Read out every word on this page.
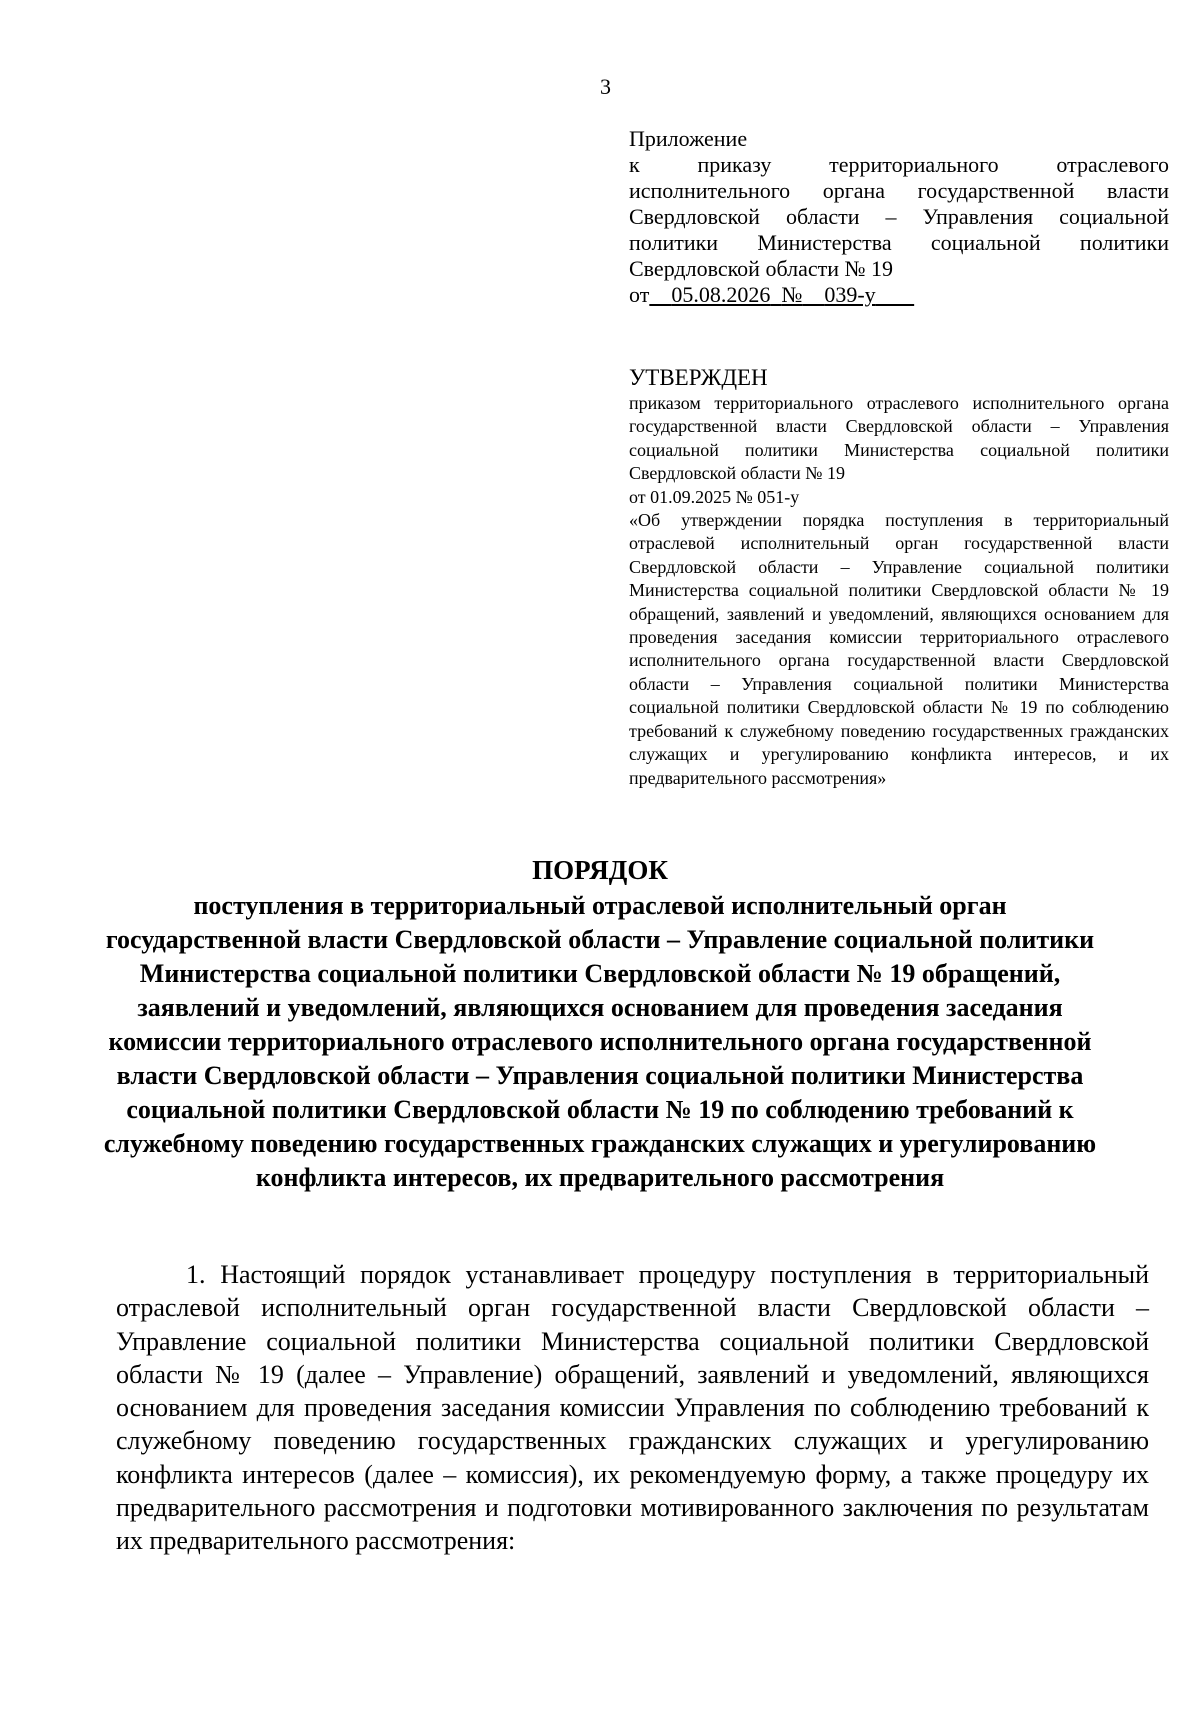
3

Приложение

к приказу территориального отраслевого исполнительного органа государственной власти Свердловской области – Управления социальной политики Министерства социальной политики Свердловской области № 19

от 05.08.2026 № 039-у

УТВЕРЖДЕН

приказом территориального отраслевого исполнительного органа государственной власти Свердловской области – Управления социальной политики Министерства социальной политики Свердловской области № 19

от 01.09.2025 № 051-у

«Об утверждении порядка поступления в территориальный отраслевой исполнительный орган государственной власти Свердловской области – Управление социальной политики Министерства социальной политики Свердловской области № 19 обращений, заявлений и уведомлений, являющихся основанием для проведения заседания комиссии территориального отраслевого исполнительного органа государственной власти Свердловской области – Управления социальной политики Министерства социальной политики Свердловской области № 19 по соблюдению требований к служебному поведению государственных гражданских служащих и урегулированию конфликта интересов, и их предварительного рассмотрения»

ПОРЯДОК

поступления в территориальный отраслевой исполнительный орган государственной власти Свердловской области – Управление социальной политики Министерства социальной политики Свердловской области № 19 обращений, заявлений и уведомлений, являющихся основанием для проведения заседания комиссии территориального отраслевого исполнительного органа государственной власти Свердловской области – Управления социальной политики Министерства социальной политики Свердловской области № 19 по соблюдению требований к служебному поведению государственных гражданских служащих и урегулированию конфликта интересов, их предварительного рассмотрения

1. Настоящий порядок устанавливает процедуру поступления в территориальный отраслевой исполнительный орган государственной власти Свердловской области – Управление социальной политики Министерства социальной политики Свердловской области № 19 (далее – Управление) обращений, заявлений и уведомлений, являющихся основанием для проведения заседания комиссии Управления по соблюдению требований к служебному поведению государственных гражданских служащих и урегулированию конфликта интересов (далее – комиссия), их рекомендуемую форму, а также процедуру их предварительного рассмотрения и подготовки мотивированного заключения по результатам их предварительного рассмотрения:
